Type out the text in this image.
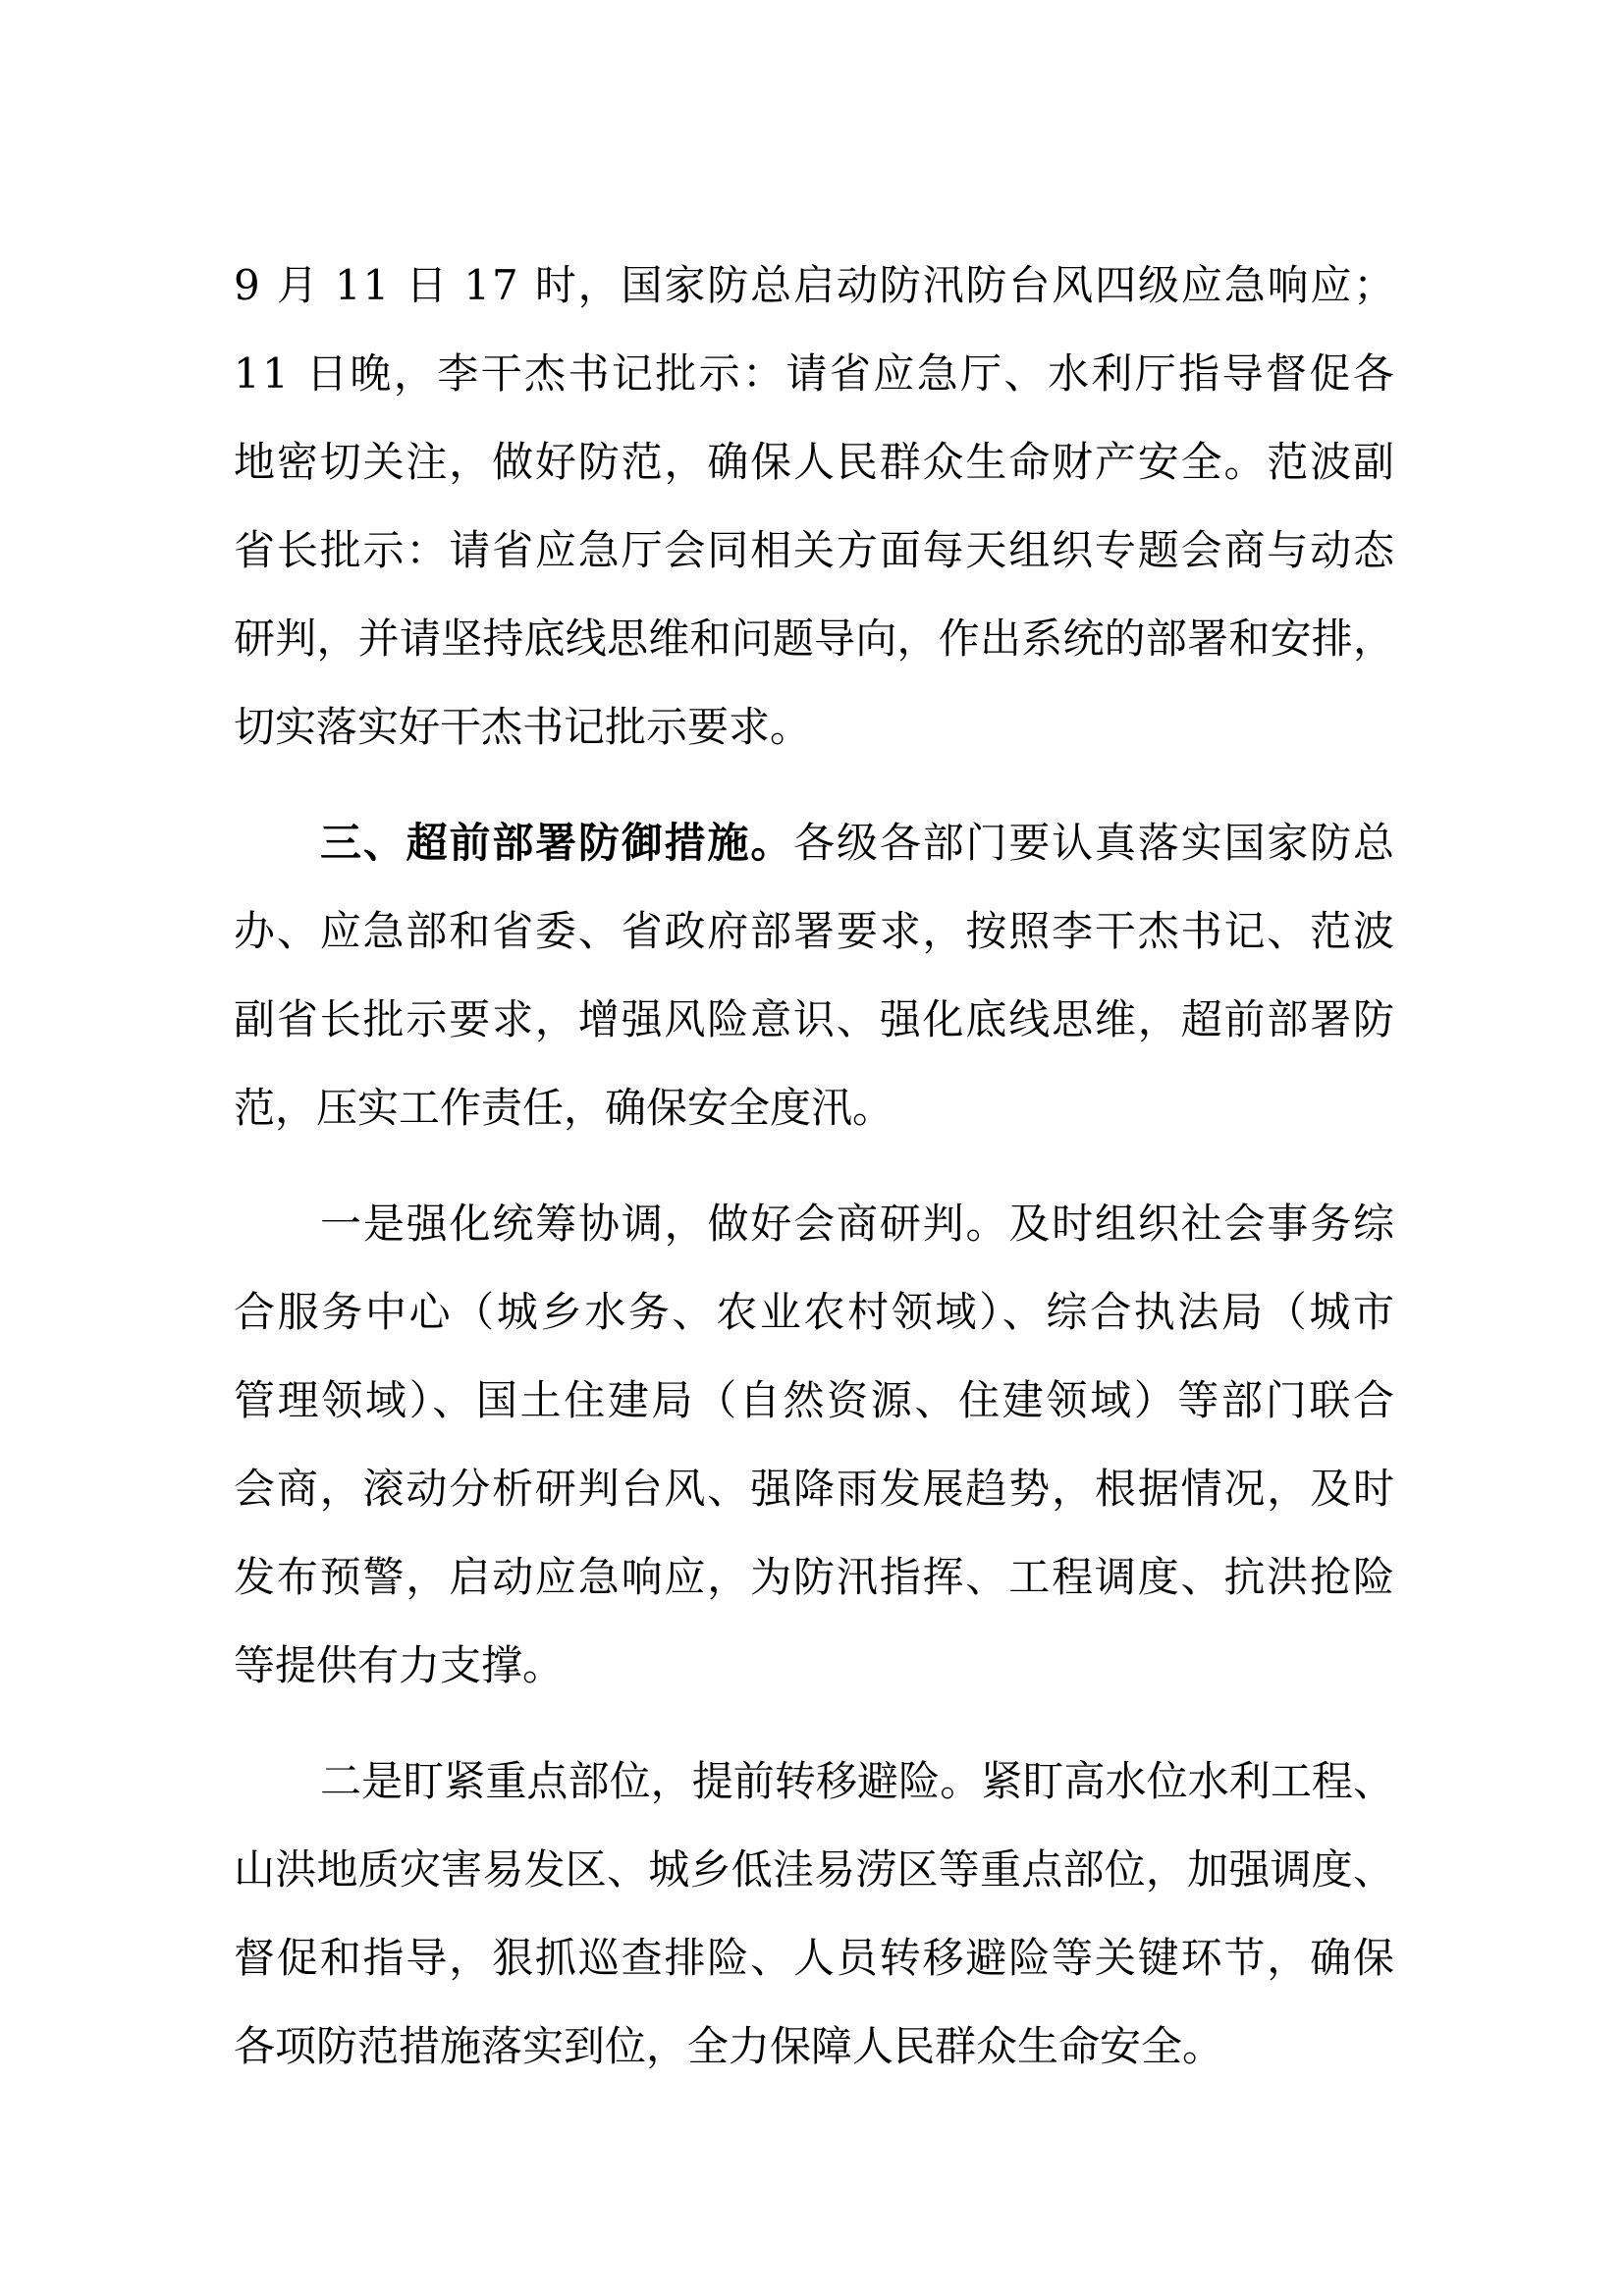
9 月 11 日 17 时，国家防总启动防汛防台风四级应急响应；
11 日晚，李干杰书记批示：请省应急厅、水利厅指导督促各
地密切关注，做好防范，确保人民群众生命财产安全。范波副
省长批示：请省应急厅会同相关方面每天组织专题会商与动态
研判，并请坚持底线思维和问题导向，作出系统的部署和安排，
切实落实好干杰书记批示要求。
三、超前部署防御措施。各级各部门要认真落实国家防总
办、应急部和省委、省政府部署要求，按照李干杰书记、范波
副省长批示要求，增强风险意识、强化底线思维，超前部署防
范，压实工作责任，确保安全度汛。
一是强化统筹协调，做好会商研判。及时组织社会事务综
合服务中心（城乡水务、农业农村领域）、综合执法局（城市
管理领域）、国土住建局（自然资源、住建领域）等部门联合
会商，滚动分析研判台风、强降雨发展趋势，根据情况，及时
发布预警，启动应急响应，为防汛指挥、工程调度、抗洪抢险
等提供有力支撑。
二是盯紧重点部位，提前转移避险。紧盯高水位水利工程、
山洪地质灾害易发区、城乡低洼易涝区等重点部位，加强调度、
督促和指导，狠抓巡查排险、人员转移避险等关键环节，确保
各项防范措施落实到位，全力保障人民群众生命安全。
